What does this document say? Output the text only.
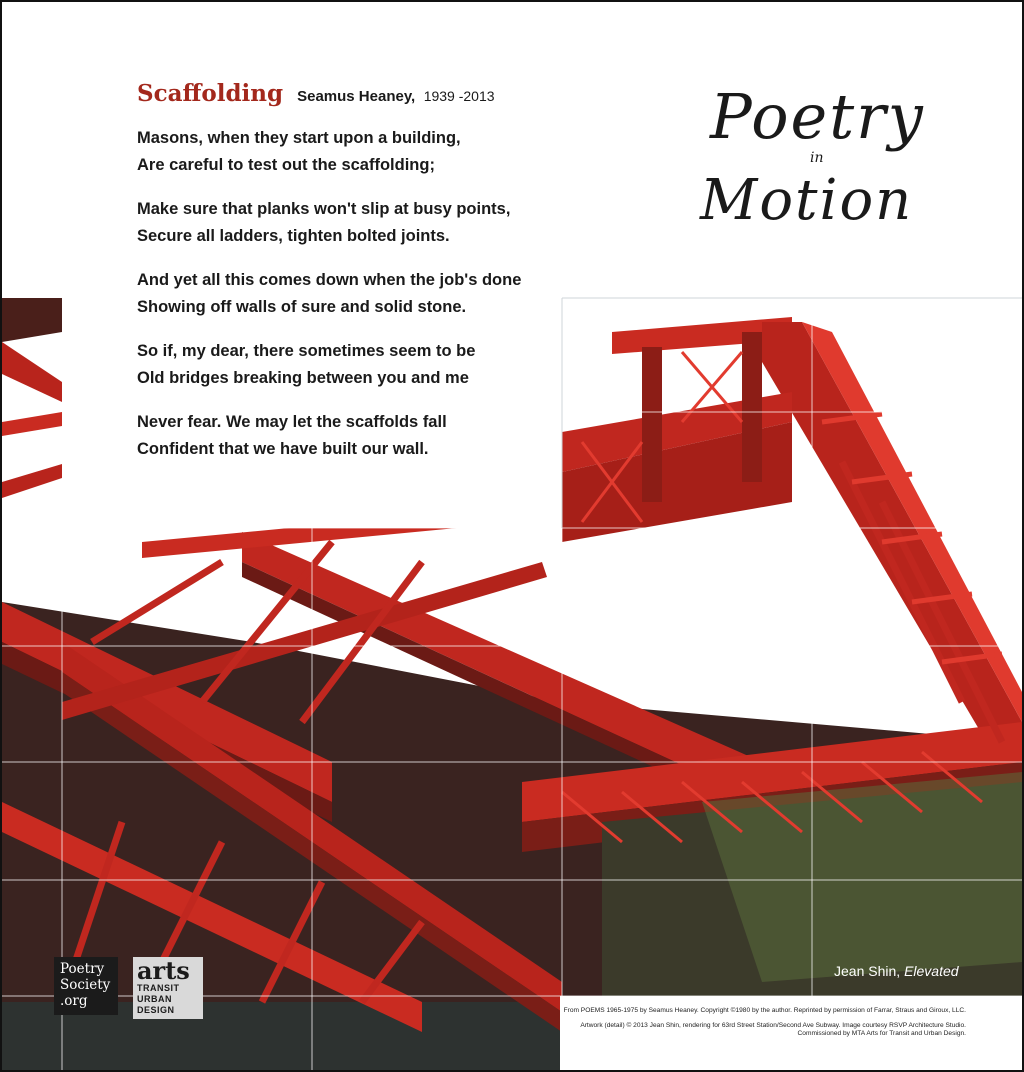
Scaffolding Seamus Heaney, 1939 -2013
Masons, when they start upon a building,
Are careful to test out the scaffolding;
Make sure that planks won't slip at busy points,
Secure all ladders, tighten bolted joints.
And yet all this comes down when the job's done
Showing off walls of sure and solid stone.
So if, my dear, there sometimes seem to be
Old bridges breaking between you and me
Never fear. We may let the scaffolds fall
Confident that we have built our wall.
Poetry
in
Motion
Poetry
Society
.org
arts
TRANSIT
URBAN
DESIGN
Jean Shin, Elevated
From POEMS 1965-1975 by Seamus Heaney. Copyright ©1980 by the author. Reprinted by permission of Farrar, Straus and Giroux, LLC.
Artwork (detail) © 2013 Jean Shin, rendering for 63rd Street Station/Second Ave Subway. Image courtesy RSVP Architecture Studio.
Commissioned by MTA Arts for Transit and Urban Design.
